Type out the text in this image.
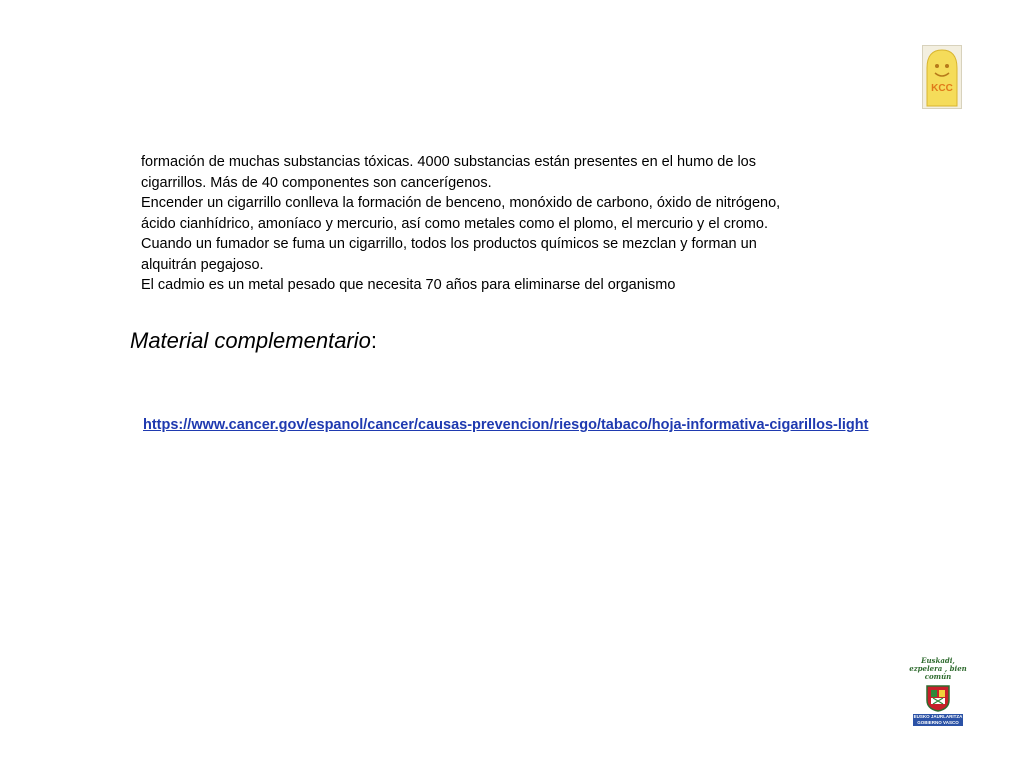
KCC

formación de muchas substancias tóxicas. 4000 substancias están presentes en el humo de los

cigarrillos. Más de 40 componentes son cancerígenos.

Encender un cigarrillo conlleva la formación de benceno, monóxido de carbono, óxido de nitrógeno,

ácido cianhídrico, amoníaco y mercurio, así como metales como el plomo, el mercurio y el cromo.

Cuando un fumador se fuma un cigarrillo, todos los productos químicos se mezclan y forman un

alquitrán pegajoso.

El cadmio es un metal pesado que necesita 70 años para eliminarse del organismo

Material complementario:
https://www.cancer.gov/espanol/cancer/causas-prevencion/riesgo/tabaco/hoja-informativa-cigarillos-light
Euskadi,
ezpelera , bien común
EUSKO JAURLARITZA
GOBIERNO VASCO
